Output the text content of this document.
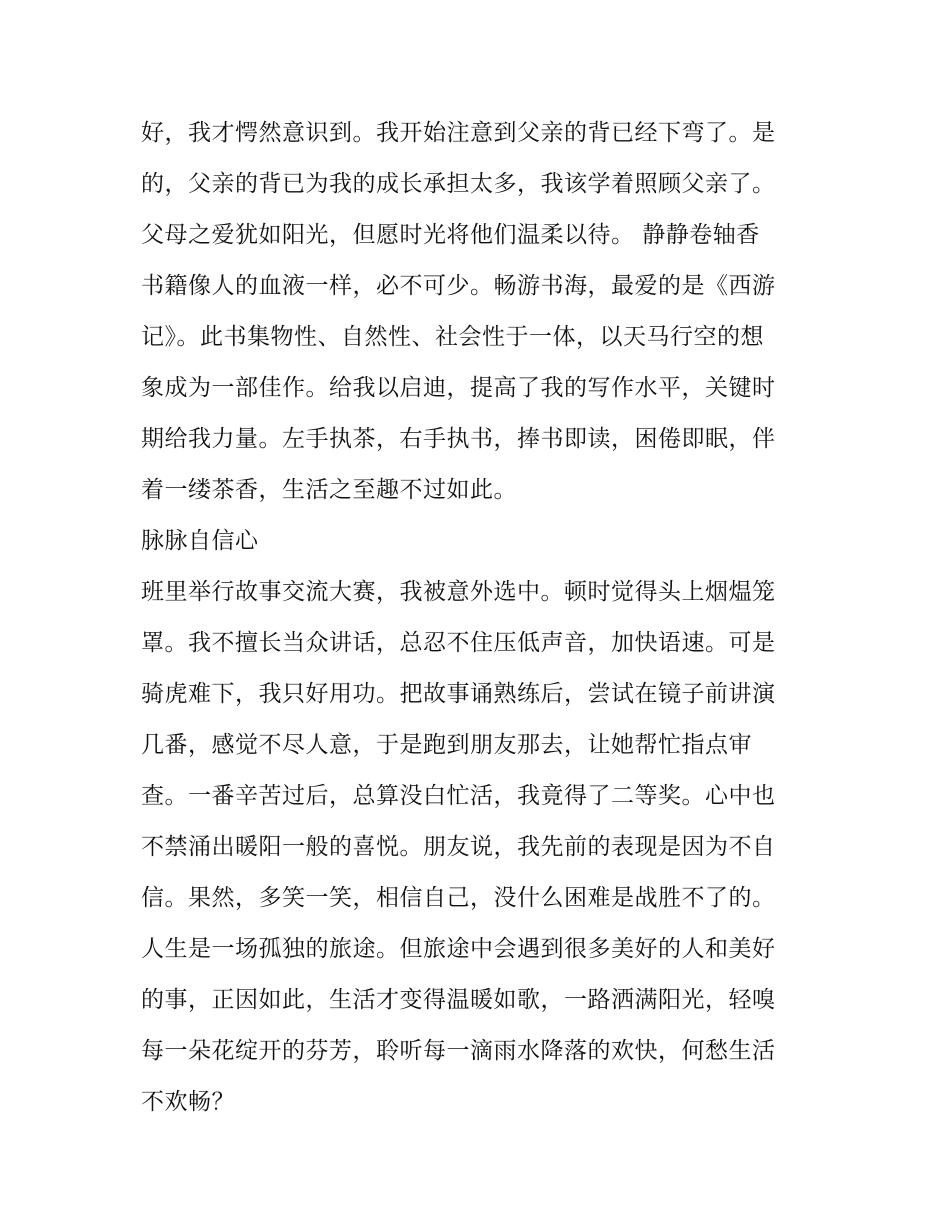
好，我才愕然意识到。我开始注意到父亲的背已经下弯了。是
的，父亲的背已为我的成长承担太多，我该学着照顾父亲了。
父母之爱犹如阳光，但愿时光将他们温柔以待。 静静卷轴香
书籍像人的血液一样，必不可少。畅游书海，最爱的是《西游
记》。此书集物性、自然性、社会性于一体，以天马行空的想
象成为一部佳作。给我以启迪，提高了我的写作水平，关键时
期给我力量。左手执茶，右手执书，捧书即读，困倦即眠，伴
着一缕茶香，生活之至趣不过如此。
脉脉自信心
班里举行故事交流大赛，我被意外选中。顿时觉得头上烟煴笼
罩。我不擅长当众讲话，总忍不住压低声音，加快语速。可是
骑虎难下，我只好用功。把故事诵熟练后，尝试在镜子前讲演
几番，感觉不尽人意，于是跑到朋友那去，让她帮忙指点审
查。一番辛苦过后，总算没白忙活，我竟得了二等奖。心中也
不禁涌出暖阳一般的喜悦。朋友说，我先前的表现是因为不自
信。果然，多笑一笑，相信自己，没什么困难是战胜不了的。
人生是一场孤独的旅途。但旅途中会遇到很多美好的人和美好
的事，正因如此，生活才变得温暖如歌，一路洒满阳光，轻嗅
每一朵花绽开的芬芳，聆听每一滴雨水降落的欢快，何愁生活
不欢畅？
